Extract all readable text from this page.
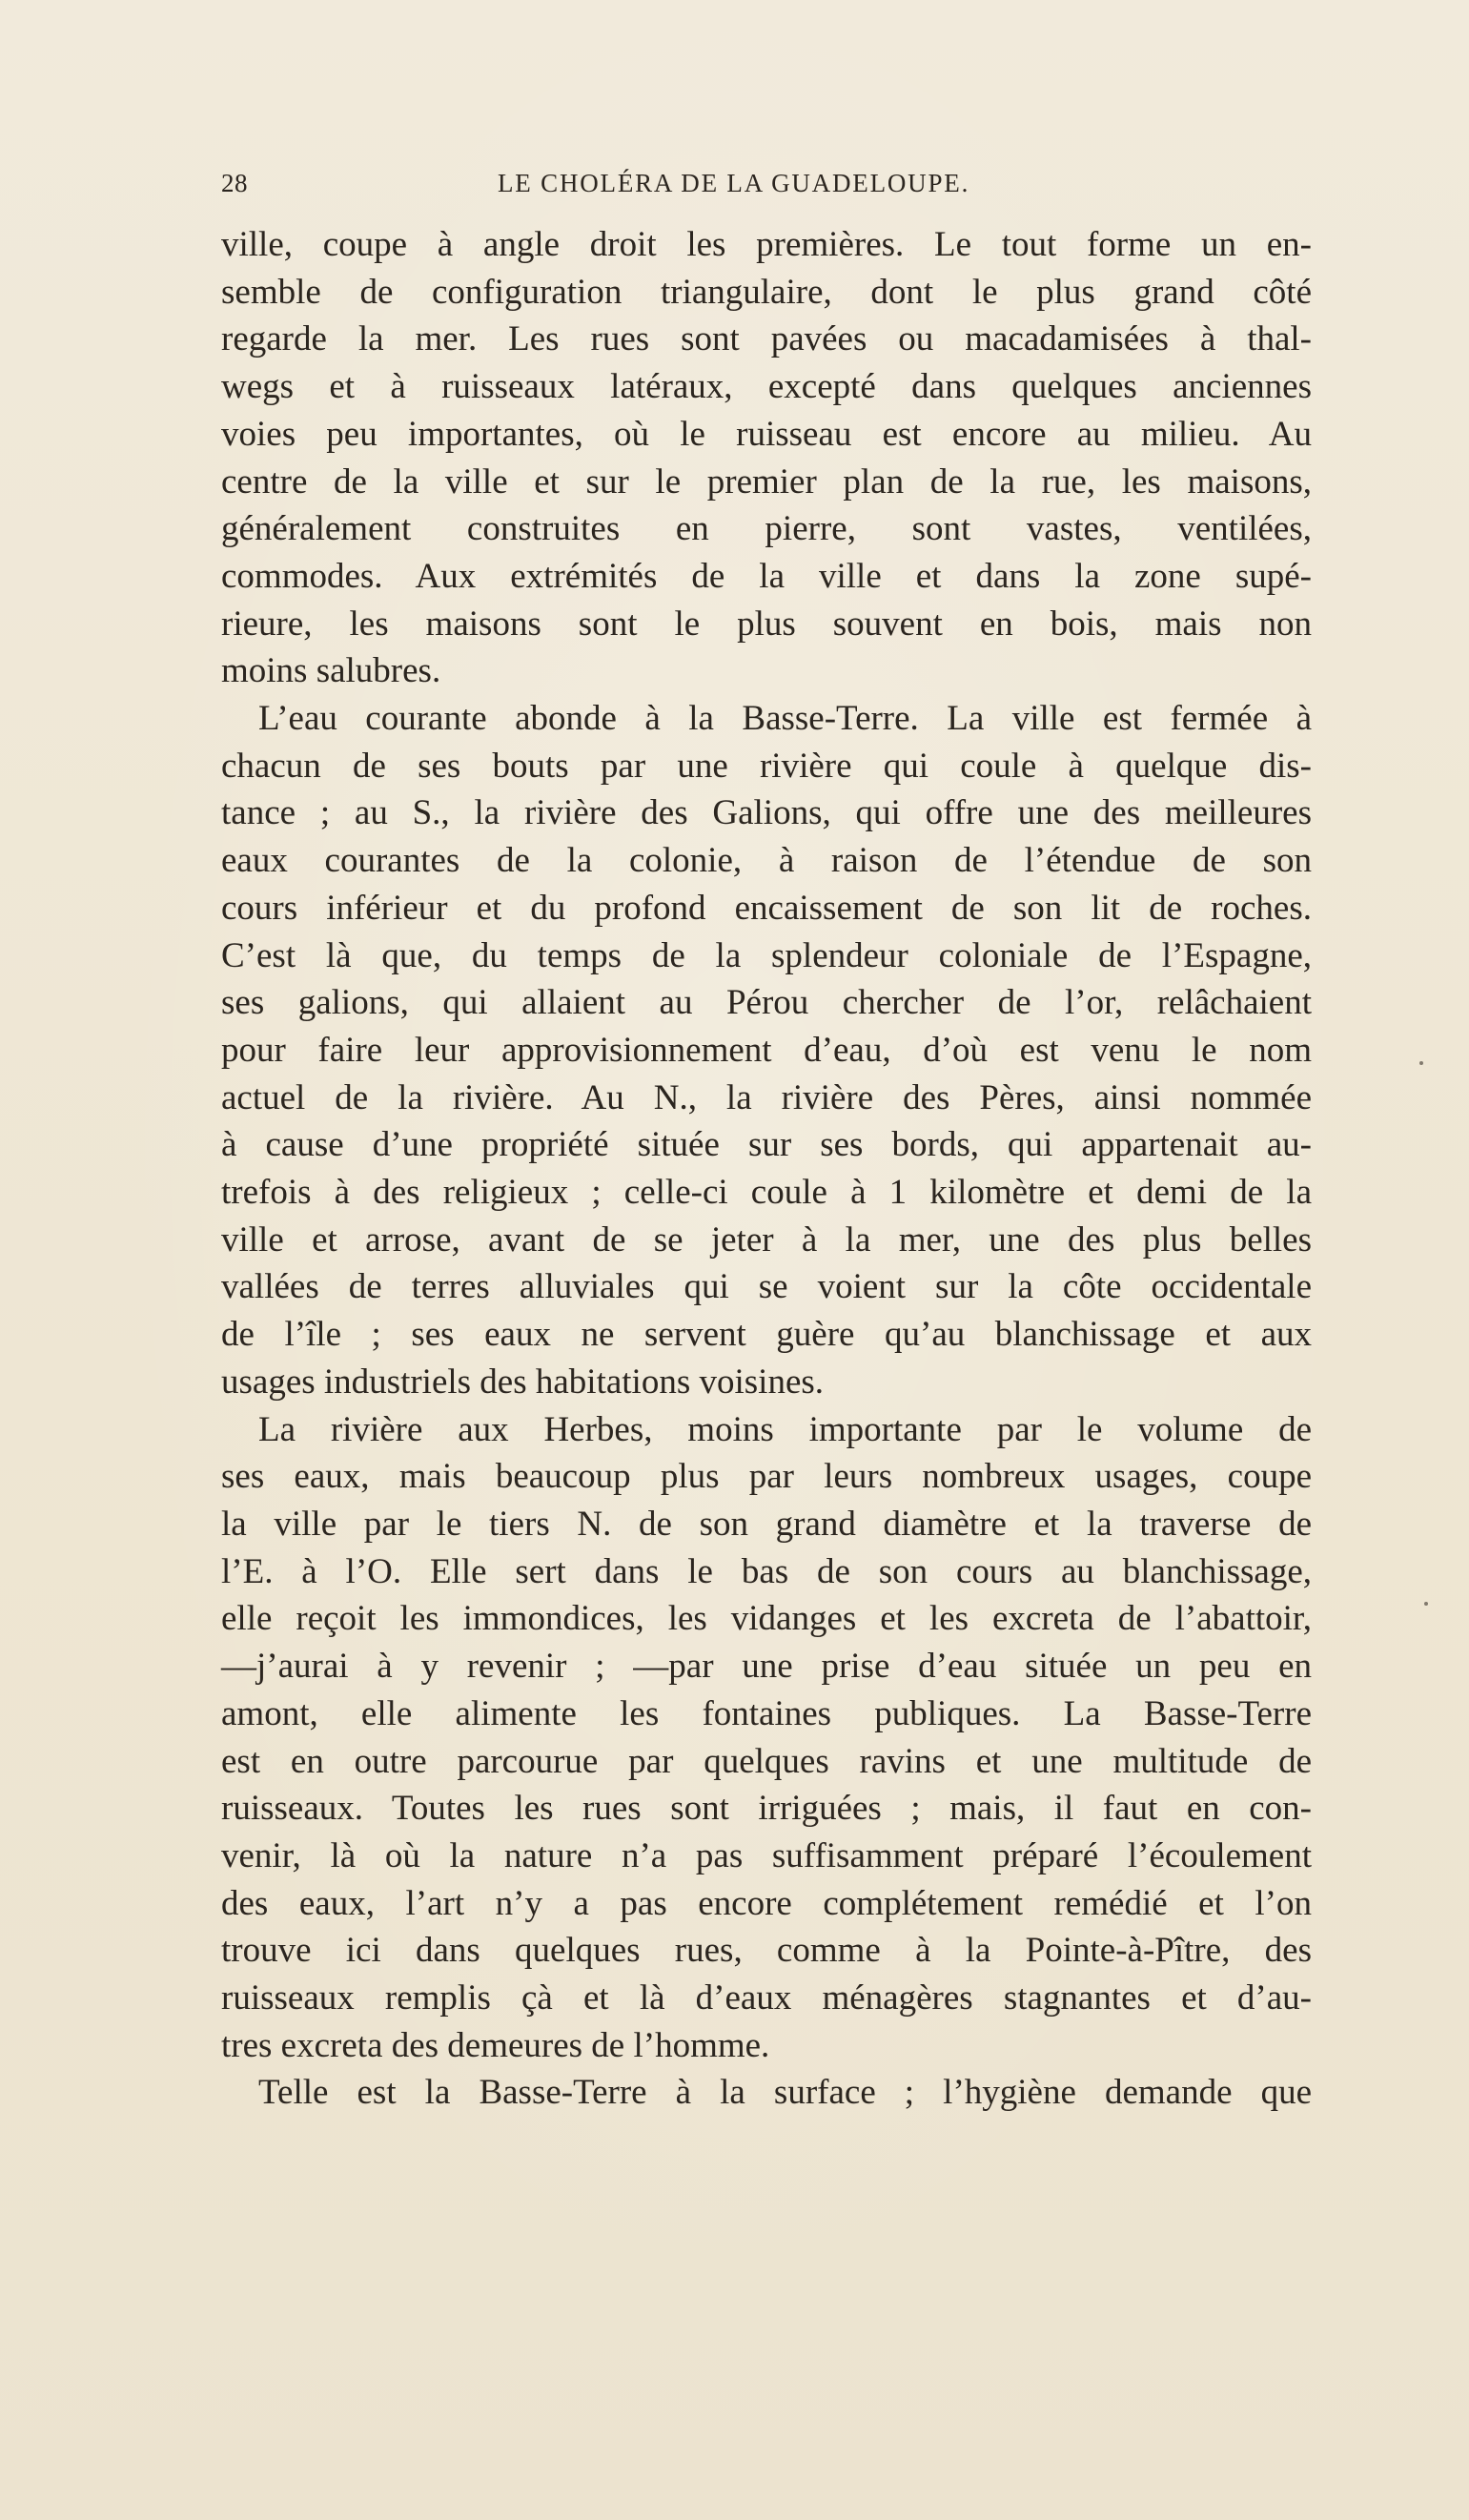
28	LE CHOLÉRA DE LA GUADELOUPE.

ville, coupe à angle droit les premières. Le tout forme un en-
semble de configuration triangulaire, dont le plus grand côté
regarde la mer. Les rues sont pavées ou macadamisées à thal-
wegs et à ruisseaux latéraux, excepté dans quelques anciennes
voies peu importantes, où le ruisseau est encore au milieu. Au
centre de la ville et sur le premier plan de la rue, les maisons,
généralement construites en pierre, sont vastes, ventilées,
commodes. Aux extrémités de la ville et dans la zone supé-
rieure, les maisons sont le plus souvent en bois, mais non
moins salubres.

L’eau courante abonde à la Basse-Terre. La ville est fermée à
chacun de ses bouts par une rivière qui coule à quelque dis-
tance ; au S., la rivière des Galions, qui offre une des meilleures
eaux courantes de la colonie, à raison de l’étendue de son
cours inférieur et du profond encaissement de son lit de roches.
C’est là que, du temps de la splendeur coloniale de l’Espagne,
ses galions, qui allaient au Pérou chercher de l’or, relâchaient
pour faire leur approvisionnement d’eau, d’où est venu le nom
actuel de la rivière. Au N., la rivière des Pères, ainsi nommée
à cause d’une propriété située sur ses bords, qui appartenait au-
trefois à des religieux ; celle-ci coule à 1 kilomètre et demi de la
ville et arrose, avant de se jeter à la mer, une des plus belles
vallées de terres alluviales qui se voient sur la côte occidentale
de l’île ; ses eaux ne servent guère qu’au blanchissage et aux
usages industriels des habitations voisines.

La rivière aux Herbes, moins importante par le volume de
ses eaux, mais beaucoup plus par leurs nombreux usages, coupe
la ville par le tiers N. de son grand diamètre et la traverse de
l’E. à l’O. Elle sert dans le bas de son cours au blanchissage,
elle reçoit les immondices, les vidanges et les excreta de l’abattoir,
—j’aurai à y revenir ; —par une prise d’eau située un peu en
amont, elle alimente les fontaines publiques. La Basse-Terre
est en outre parcourue par quelques ravins et une multitude de
ruisseaux. Toutes les rues sont irriguées ; mais, il faut en con-
venir, là où la nature n’a pas suffisamment préparé l’écoulement
des eaux, l’art n’y a pas encore complétement remédié et l’on
trouve ici dans quelques rues, comme à la Pointe-à-Pître, des
ruisseaux remplis çà et là d’eaux ménagères stagnantes et d’au-
tres excreta des demeures de l’homme.

Telle est la Basse-Terre à la surface ; l’hygiène demande que
